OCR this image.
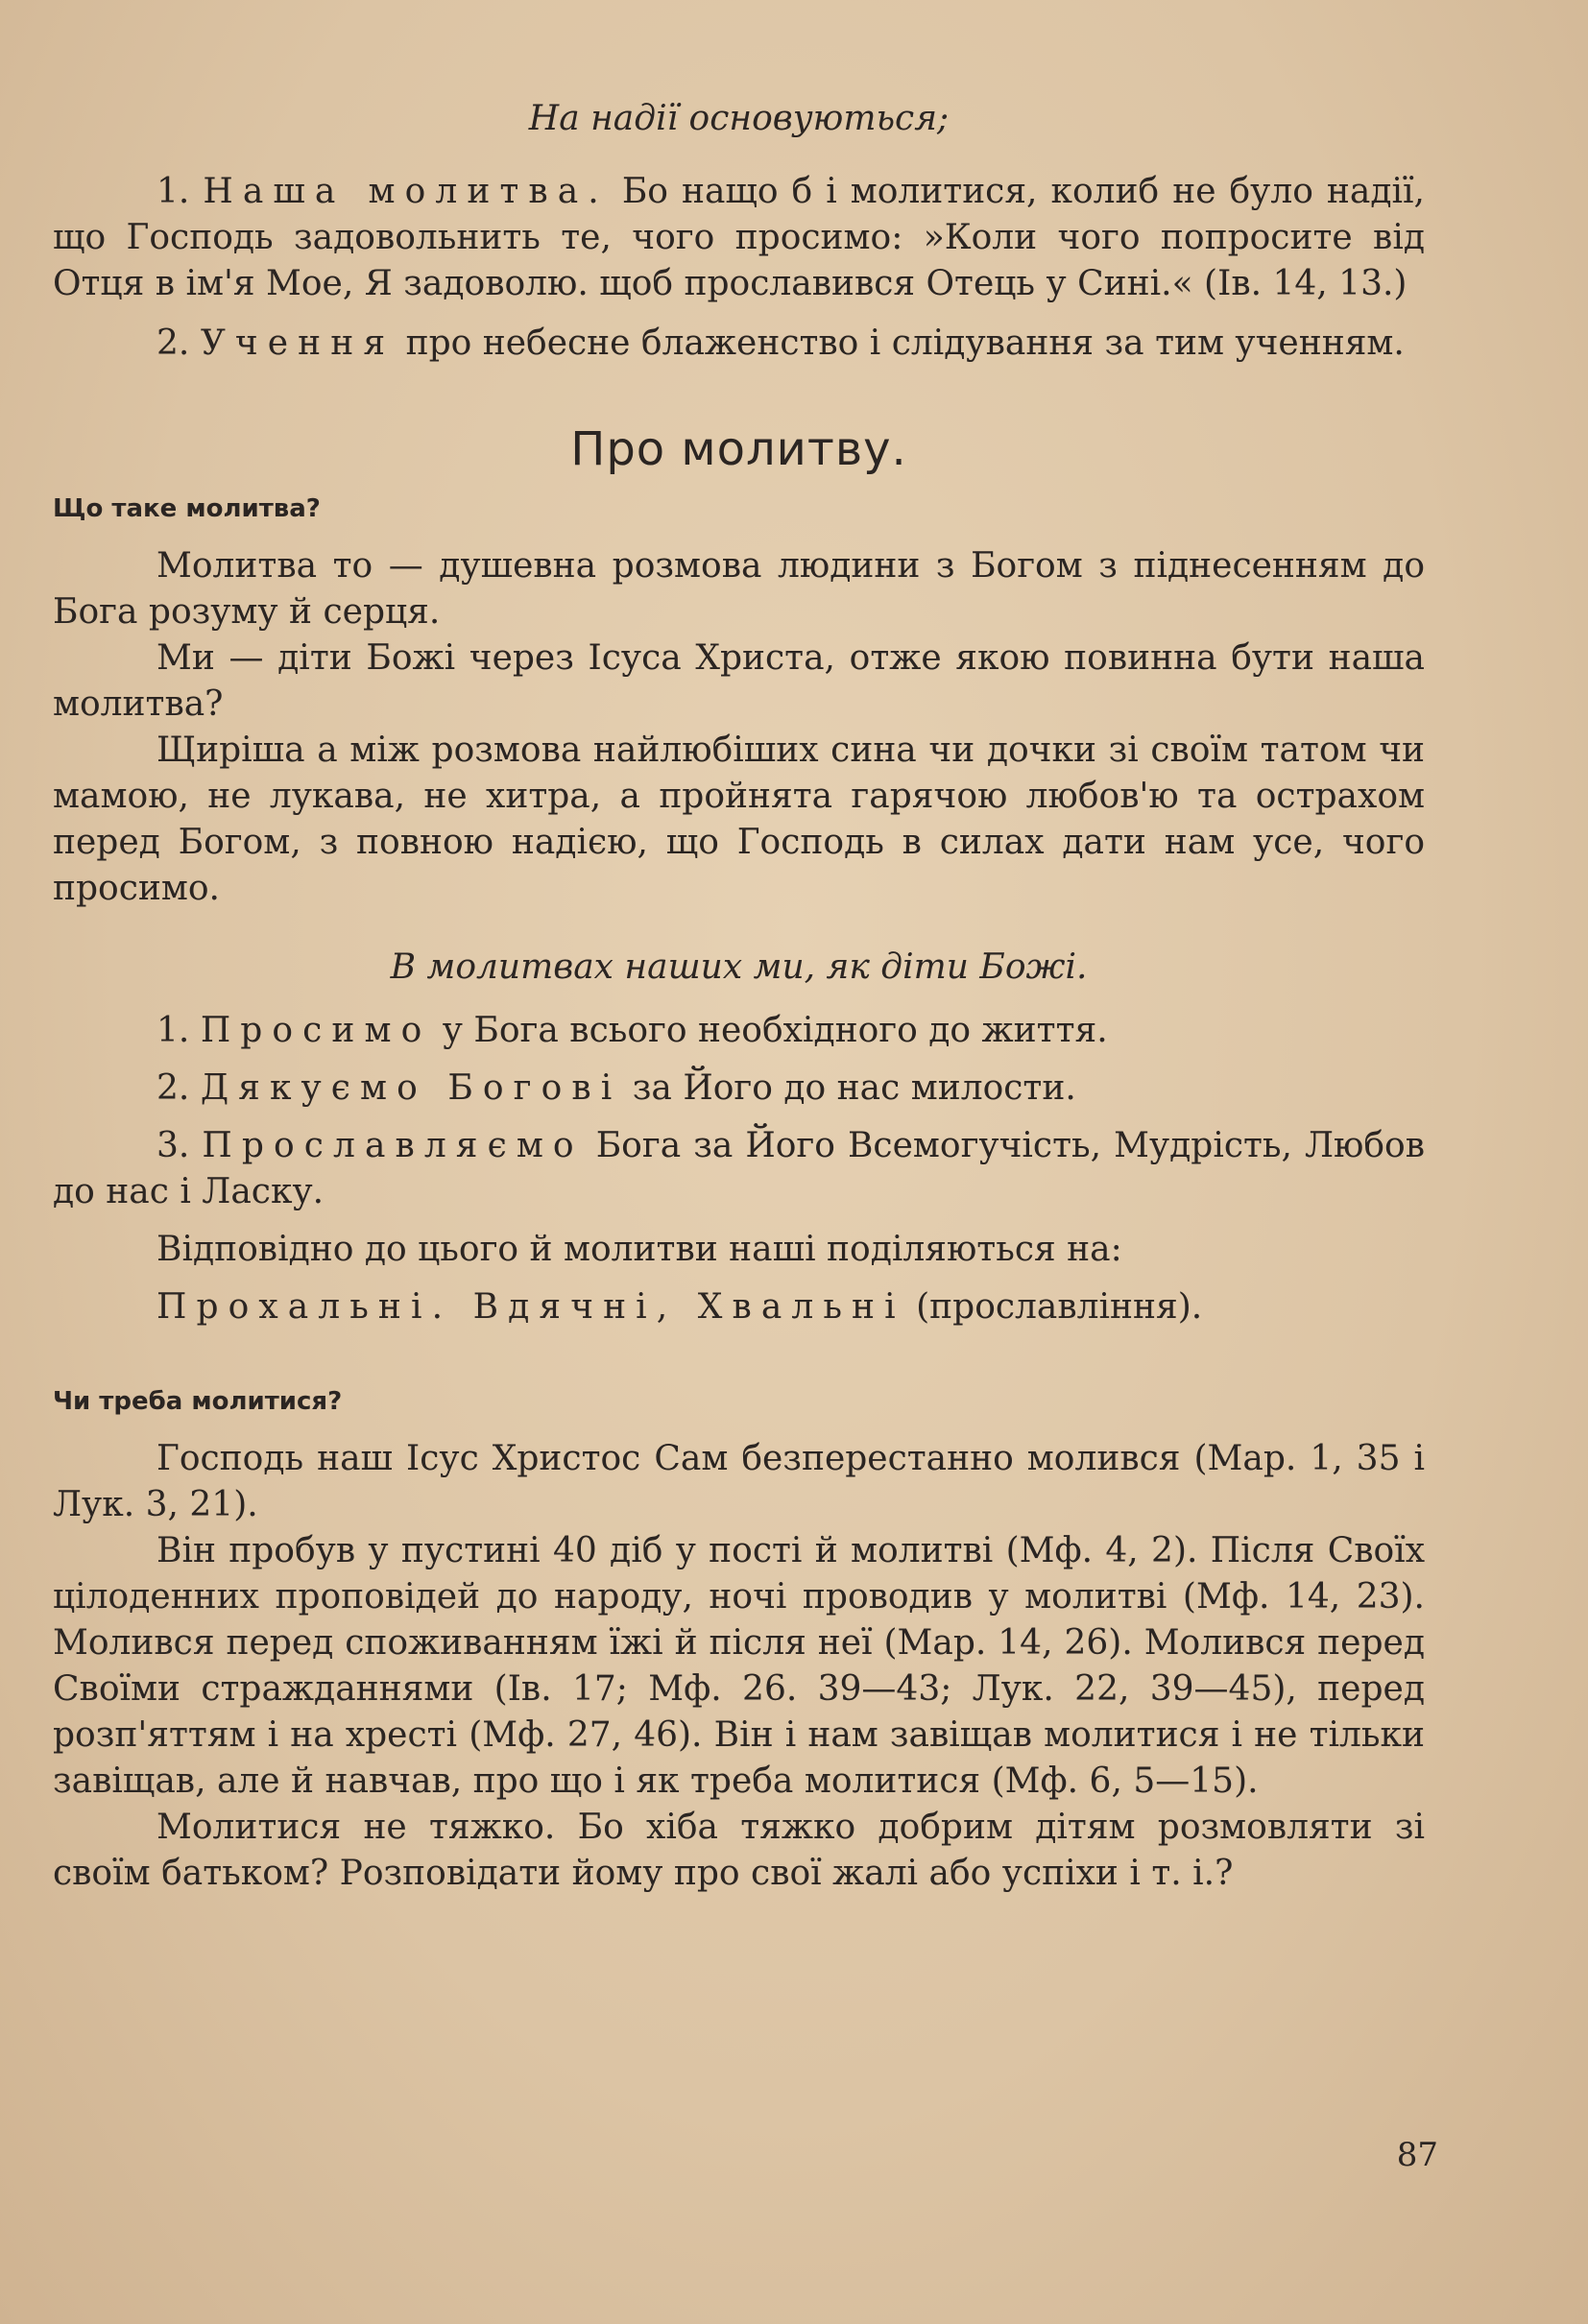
На надії основуються;

1. Наша молитва. Бо нащо б і молитися, колиб не було надії, що Господь задовольнить те, чого просимо: »Коли чого попросите від Отця в ім'я Мое, Я задоволю. щоб прославився Отець у Сині.« (Ів. 14, 13.)

2. Учення про небесне блаженство і слідування за тим ученням.

Про молитву.
Що таке молитва?

Молитва то — душевна розмова людини з Богом з піднесенням до Бога розуму й серця.

Ми — діти Божі через Ісуса Христа, отже якою повинна бути наша молитва?

Щиріша а між розмова найлюбіших сина чи дочки зі своїм татом чи мамою, не лукава, не хитра, а пройнята гарячою любов'ю та острахом перед Богом, з повною надією, що Господь в силах дати нам усе, чого просимо.

В молитвах наших ми, як діти Божі.

1. Просимо у Бога всього необхідного до життя.

2. Дякуємо Богові за Його до нас милости.

3. Прославляємо Бога за Його Всемогучість, Мудрість, Любов до нас і Ласку.

Відповідно до цього й молитви наші поділяються на:

Прохальні. Вдячні, Хвальні (прославління).

Чи треба молитися?

Господь наш Ісус Христос Сам безперестанно молився (Мар. 1, 35 і Лук. 3, 21).

Він пробув у пустині 40 діб у пості й молитві (Мф. 4, 2). Після Своїх цілоденних проповідей до народу, ночі проводив у молитві (Мф. 14, 23). Молився перед споживанням їжі й після неї (Мар. 14, 26). Молився перед Своїми стражданнями (Ів. 17; Мф. 26. 39—43; Лук. 22, 39—45), перед розп'яттям і на хресті (Мф. 27, 46). Він і нам завіщав молитися і не тільки завіщав, але й навчав, про що і як треба молитися (Мф. 6, 5—15).

Молитися не тяжко. Бо хіба тяжко добрим дітям розмовляти зі своїм батьком? Розповідати йому про свої жалі або успіхи і т. і.?

87
